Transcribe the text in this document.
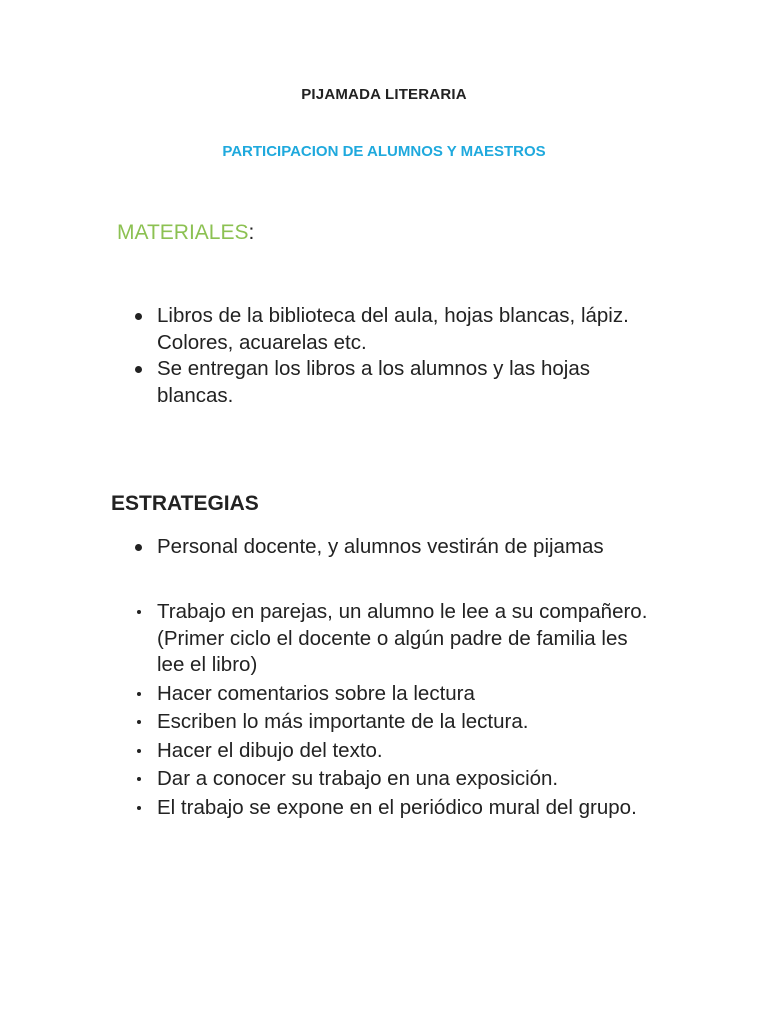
PIJAMADA LITERARIA
PARTICIPACION DE ALUMNOS Y MAESTROS
MATERIALES:
Libros de la biblioteca del aula, hojas blancas, lápiz. Colores, acuarelas etc.
Se entregan los libros a los alumnos y las hojas blancas.
ESTRATEGIAS
Personal docente, y alumnos vestirán de pijamas
Trabajo en parejas, un alumno le lee a su compañero.(Primer ciclo el docente o algún padre de familia les lee el libro)
Hacer comentarios sobre la lectura
Escriben lo más importante de la lectura.
Hacer el dibujo del texto.
Dar a conocer su trabajo en una exposición.
El trabajo se expone en el periódico mural del grupo.
